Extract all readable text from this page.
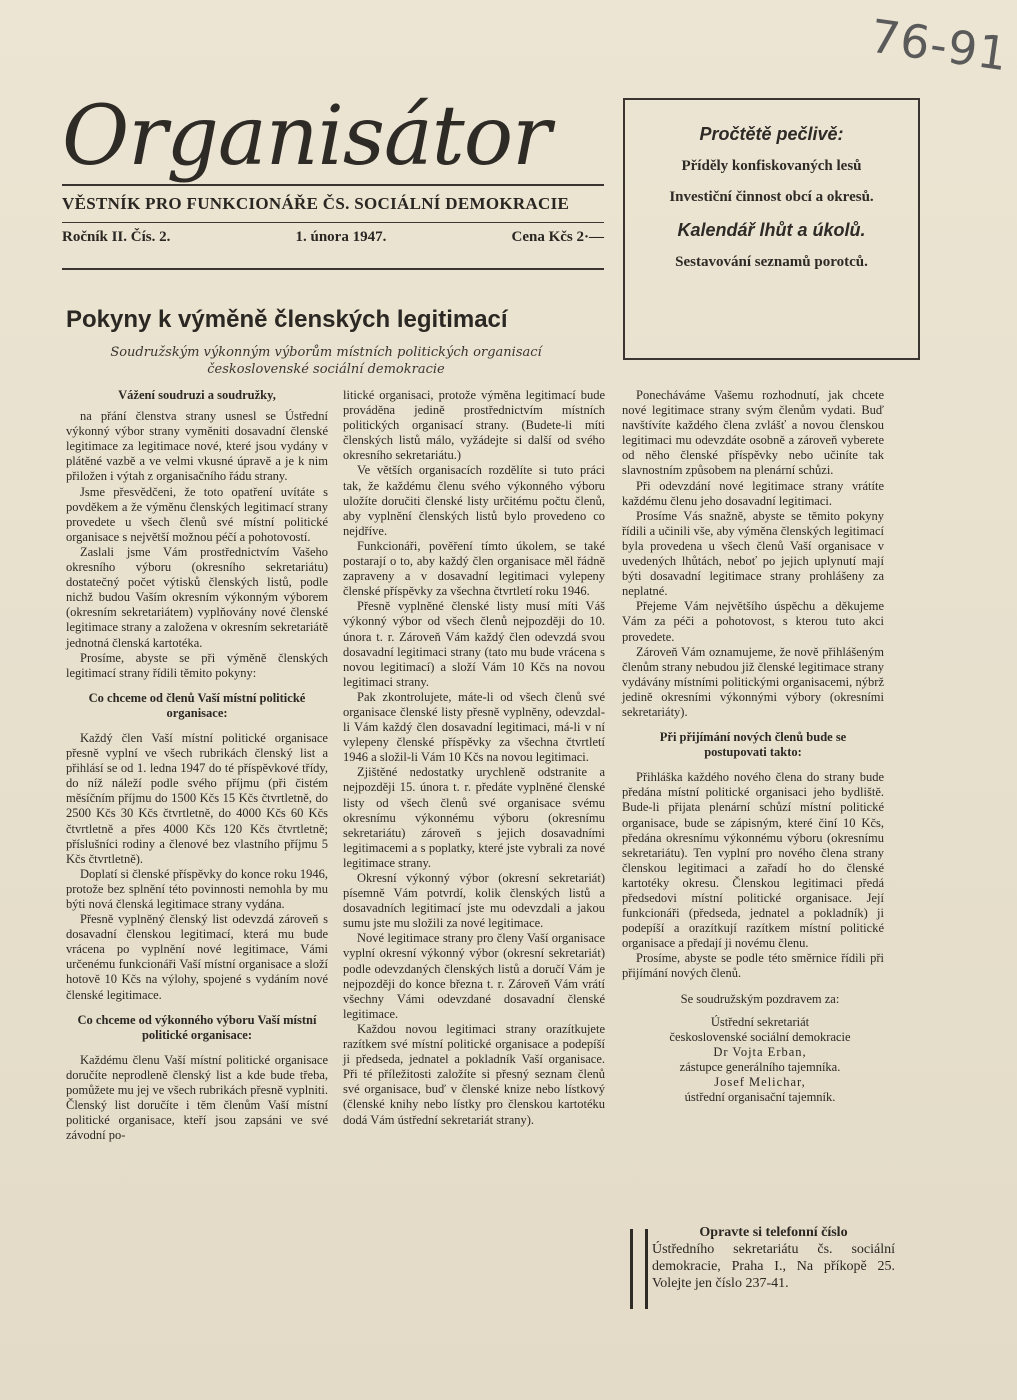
76-91
Organisátor
VĚSTNÍK PRO FUNKCIONÁŘE ČS. SOCIÁLNÍ DEMOKRACIE
Ročník II. Čís. 2.	1. února 1947.	Cena Kčs 2·—
Pročtětě pečlivě:
Příděly konfiskovaných lesů
Investiční činnost obcí a okresů.
Kalendář lhůt a úkolů.
Sestavování seznamů porotců.
Pokyny k výměně členských legitimací
Soudružským výkonným výborům místních politických organisací československé sociální demokracie

Vážení soudruzi a soudružky,

na přání členstva strany usnesl se Ústřední výkonný výbor strany vyměniti dosavadní členské legitimace za legitimace nové, které jsou vydány v plátěné vazbě a ve velmi vkusné úpravě a je k nim přiložen i výtah z organisačního řádu strany.

Jsme přesvědčeni, že toto opatření uvítáte s povděkem a že výměnu členských legitimací strany provedete u všech členů své místní politické organisace s největší možnou péčí a pohotovostí.

Zaslali jsme Vám prostřednictvím Vašeho okresního výboru (okresního sekretariátu) dostatečný počet výtisků členských listů, podle nichž budou Vaším okresním výkonným výborem (okresním sekretariátem) vyplňovány nové členské legitimace strany a založena v okresním sekretariátě jednotná členská kartotéka.

Prosíme, abyste se při výměně členských legitimací strany řídili těmito pokyny:

Co chceme od členů Vaší místní politické organisace:

Každý člen Vaší místní politické organisace přesně vyplní ve všech rubrikách členský list a přihlásí se od 1. ledna 1947 do té příspěvkové třídy, do níž náleží podle svého příjmu (při čistém měsíčním příjmu do 1500 Kčs 15 Kčs čtvrtletně, do 2500 Kčs 30 Kčs čtvrtletně, do 4000 Kčs 60 Kčs čtvrtletně a přes 4000 Kčs 120 Kčs čtvrtletně; příslušníci rodiny a členové bez vlastního příjmu 5 Kčs čtvrtletně).

Doplatí si členské příspěvky do konce roku 1946, protože bez splnění této povinnosti nemohla by mu býti nová členská legitimace strany vydána.

Přesně vyplněný členský list odevzdá zároveň s dosavadní členskou legitimací, která mu bude vrácena po vyplnění nové legitimace, Vámi určenému funkcionáři Vaší místní organisace a složí hotově 10 Kčs na výlohy, spojené s vydáním nové členské legitimace.

Co chceme od výkonného výboru Vaší místní politické organisace:

Každému členu Vaší místní politické organisace doručíte neprodleně členský list a kde bude třeba, pomůžete mu jej ve všech rubrikách přesně vyplniti. Členský list doručíte i těm členům Vaší místní politické organisace, kteří jsou zapsáni ve své závodní po-

litické organisaci, protože výměna legitimací bude prováděna jedině prostřednictvím místních politických organisací strany. (Budete-li míti členských listů málo, vyžádejte si další od svého okresního sekretariátu.)

Ve větších organisacích rozdělíte si tuto práci tak, že každému členu svého výkonného výboru uložíte doručiti členské listy určitému počtu členů, aby vyplnění členských listů bylo provedeno co nejdříve.

Funkcionáři, pověření tímto úkolem, se také postarají o to, aby každý člen organisace měl řádně zapraveny a v dosavadní legitimaci vylepeny členské příspěvky za všechna čtvrtletí roku 1946.

Přesně vyplněné členské listy musí míti Váš výkonný výbor od všech členů nejpozději do 10. února t. r. Zároveň Vám každý člen odevzdá svou dosavadní legitimaci strany (tato mu bude vrácena s novou legitimací) a složí Vám 10 Kčs na novou legitimaci strany.

Pak zkontrolujete, máte-li od všech členů své organisace členské listy přesně vyplněny, odevzdal-li Vám každý člen dosavadní legitimaci, má-li v ní vylepeny členské příspěvky za všechna čtvrtletí 1946 a složil-li Vám 10 Kčs na novou legitimaci.

Zjištěné nedostatky urychleně odstranite a nejpozději 15. února t. r. předáte vyplněné členské listy od všech členů své organisace svému okresnímu výkonnému výboru (okresnímu sekretariátu) zároveň s jejich dosavadními legitimacemi a s poplatky, které jste vybrali za nové legitimace strany.

Okresní výkonný výbor (okresní sekretariát) písemně Vám potvrdí, kolik členských listů a dosavadních legitimací jste mu odevzdali a jakou sumu jste mu složili za nové legitimace.

Nové legitimace strany pro členy Vaší organisace vyplní okresní výkonný výbor (okresní sekretariát) podle odevzdaných členských listů a doručí Vám je nejpozději do konce března t. r. Zároveň Vám vrátí všechny Vámi odevzdané dosavadní členské legitimace.

Každou novou legitimaci strany orazítkujete razítkem své místní politické organisace a podepíší ji předseda, jednatel a pokladník Vaší organisace. Při té příležitosti založíte si přesný seznam členů své organisace, buď v členské knize nebo lístkový (členské knihy nebo lístky pro členskou kartotéku dodá Vám ústřední sekretariát strany).

Ponecháváme Vašemu rozhodnutí, jak chcete nové legitimace strany svým členům vydati. Buď navštívíte každého člena zvlášť a novou členskou legitimaci mu odevzdáte osobně a zároveň vyberete od něho členské příspěvky nebo učiníte tak slavnostním způsobem na plenární schůzi.

Při odevzdání nové legitimace strany vrátíte každému členu jeho dosavadní legitimaci.

Prosíme Vás snažně, abyste se těmito pokyny řídili a učinili vše, aby výměna členských legitimací byla provedena u všech členů Vaší organisace v uvedených lhůtách, neboť po jejich uplynutí mají býti dosavadní legitimace strany prohlášeny za neplatné.

Přejeme Vám největšího úspěchu a děkujeme Vám za péči a pohotovost, s kterou tuto akci provedete.

Zároveň Vám oznamujeme, že nově přihlášeným členům strany nebudou již členské legitimace strany vydávány místními politickými organisacemi, nýbrž jedině okresními výkonnými výbory (okresními sekretariáty).

Při přijímání nových členů bude se postupovati takto:

Přihláška každého nového člena do strany bude předána místní politické organisaci jeho bydliště. Bude-li přijata plenární schůzí místní politické organisace, bude se zápisným, které činí 10 Kčs, předána okresnímu výkonnému výboru (okresnímu sekretariátu). Ten vyplní pro nového člena strany členskou legitimaci a zařadí ho do členské kartotéky okresu. Členskou legitimaci předá předsedovi místní politické organisace. Její funkcionáři (předseda, jednatel a pokladník) ji podepíší a orazítkují razítkem místní politické organisace a předají ji novému členu.

Prosíme, abyste se podle této směrnice řídili při přijímání nových členů.

Se soudružským pozdravem za:

Ústřední sekretariát

československé sociální demokracie

Dr Vojta Erban,

zástupce generálního tajemníka.

Josef Melichar,

ústřední organisační tajemník.

Opravte si telefonní číslo
Ústředního sekretariátu čs. sociální demokracie, Praha I., Na příkopě 25. Volejte jen číslo 237-41.
